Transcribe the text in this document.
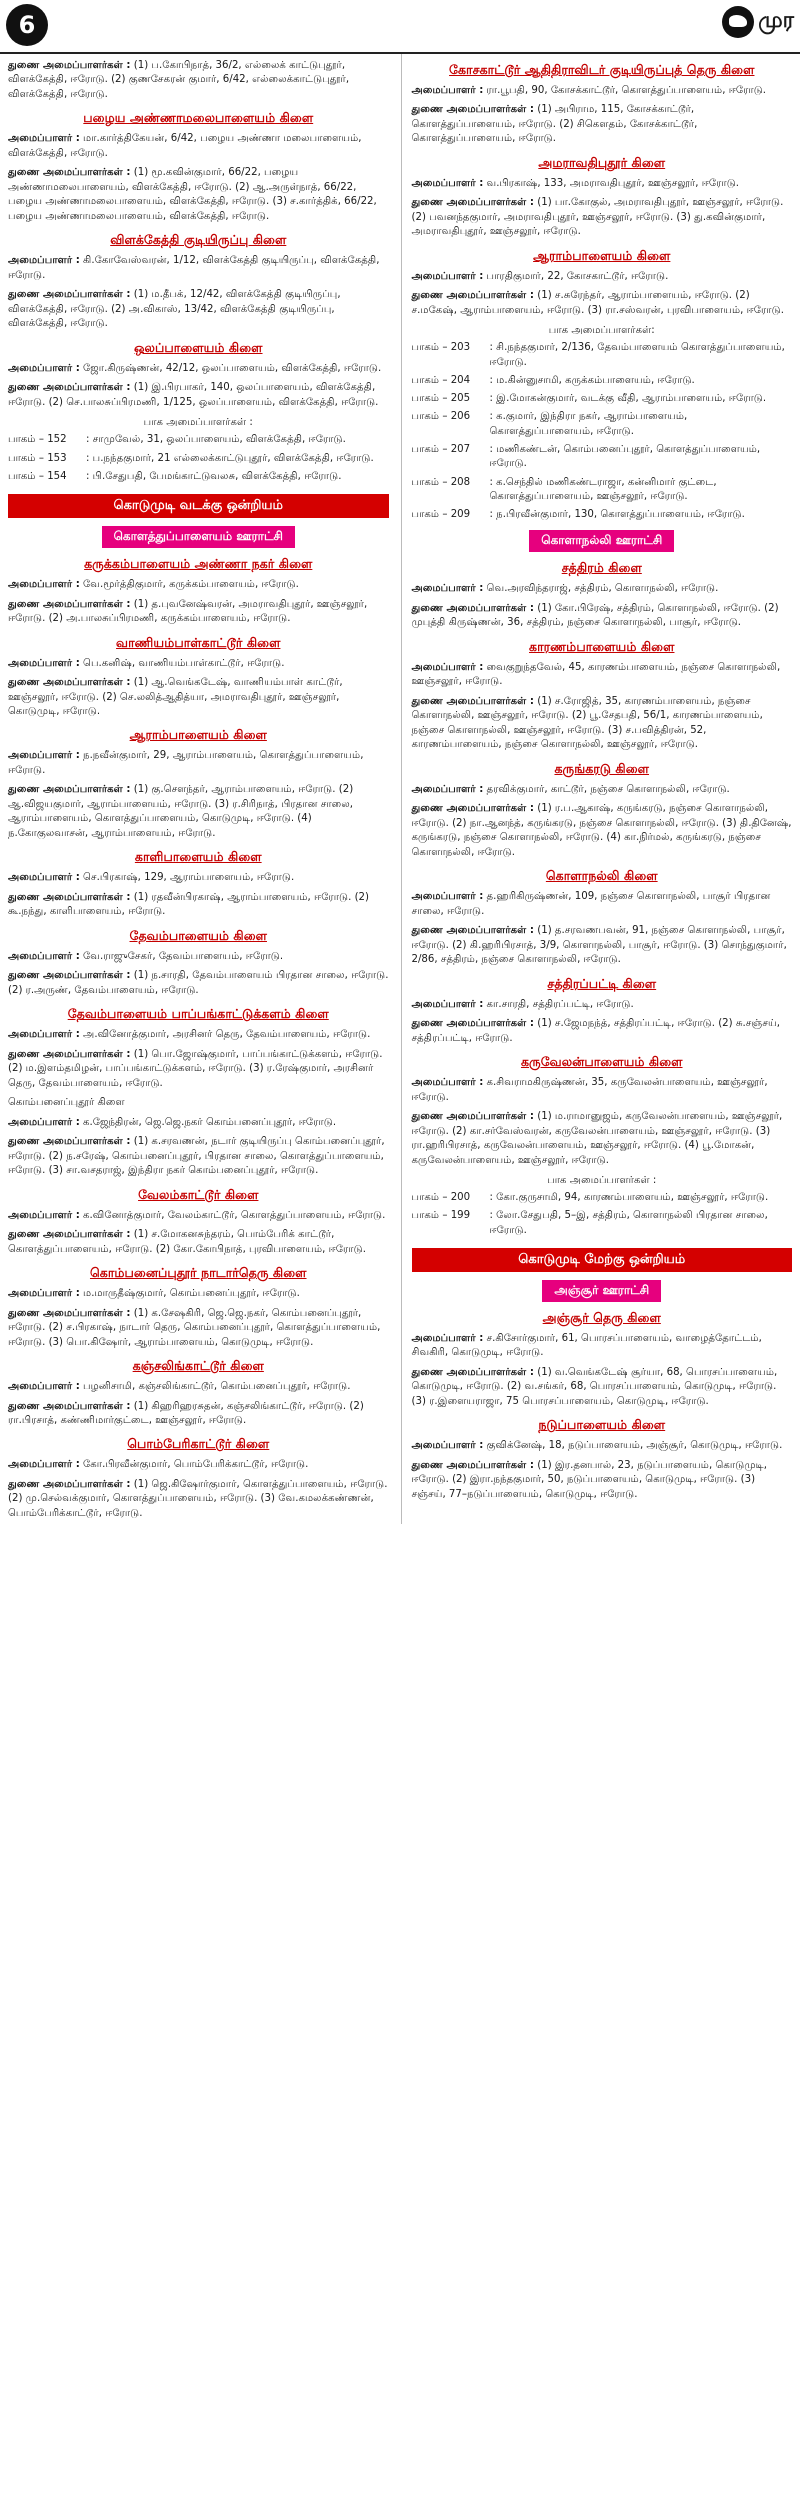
6	முர
துணை அமைப்பாளர்கள் : (1) ப.கோபிநாத், 36/2, எல்லைக் காட்டுபுதூர், விளக்கேத்தி, ஈரோடு. (2) குணசேகரன் குமார், 6/42, எல்லைக்காட்டுபுதூர், விளக்கேத்தி, ஈரோடு.
பழைய அண்ணாமலைபாளையம் கிளை
அமைப்பாளர் : மா.கார்த்திகேயன், 6/42, பழைய அண்ணா மலைபாளையம், விளக்கேத்தி, ஈரோடு.
துணை அமைப்பாளர்கள் : (1) மூ.கவின்குமார், 66/22, பழைய அண்ணாமலைபாளையம், விளக்கேத்தி, ஈரோடு. (2) ஆ.அருள்நாத், 66/22, பழைய அண்ணாமலைபாளையம், விளக்கேத்தி, ஈரோடு. (3) ச.கார்த்திக், 66/22, பழைய அண்ணாமலைபாளையம், விளக்கேத்தி, ஈரோடு.
விளக்கேத்தி குடியிருப்பு கிளை
அமைப்பாளர் : கி.கோவேஸ்வரன், 1/12, விளக்கேத்தி குடியிருப்பு, விளக்கேத்தி, ஈரோடு.
துணை அமைப்பாளர்கள் : (1) ம.தீபக், 12/42, விளக்கேத்தி குடியிருப்பு, விளக்கேத்தி, ஈரோடு. (2) அ.விகாஸ், 13/42, விளக்கேத்தி குடியிருப்பு, விளக்கேத்தி, ஈரோடு.
ஒலப்பாளையம் கிளை
அமைப்பாளர் : ஜோ.கிருஷ்ணன், 42/12, ஒலப்பாளையம், விளக்கேத்தி, ஈரோடு.
துணை அமைப்பாளர்கள் : (1) இ.பிரபாகர், 140, ஒலப்பாளையம், விளக்கேத்தி, ஈரோடு. (2) செ.பாலசுப்பிரமணி, 1/125, ஒலப்பாளையம், விளக்கேத்தி, ஈரோடு.
பாக அமைப்பாளர்கள் :
பாகம் – 152	: சாமுவேல், 31, ஒலப்பாளையம், விளக்கேத்தி, ஈரோடு.
பாகம் – 153	: ப.நந்தகுமார், 21 எல்லைக்காட்டுபுதூர், விளக்கேத்தி, ஈரோடு.
பாகம் – 154	: பி.சேதுபதி, பேமங்காட்டுவலசு, விளக்கேத்தி, ஈரோடு.
கொடுமுடி வடக்கு ஒன்றியம்
கொளத்துப்பாளையம் ஊராட்சி
கருக்கம்பாளையம் அண்ணா நகர் கிளை
அமைப்பாளர் : வே.மூர்த்திகுமார், கருக்கம்பாளையம், ஈரோடு.
துணை அமைப்பாளர்கள் : (1) த.புவனேஷ்வரன், அமராவதிபுதூர், ஊஞ்சலூர், ஈரோடு. (2) அ.பாலசுப்பிரமணி, கருக்கம்பாளையம், ஈரோடு.
வாணியம்பாள்காட்டூர் கிளை
அமைப்பாளர் : பெ.கனிஷ், வாணியம்பாள்காட்டூர், ஈரோடு.
துணை அமைப்பாளர்கள் : (1) ஆ.வெங்கடேஷ், வாணியம்பாள் காட்டூர், ஊஞ்சலூர், ஈரோடு. (2) செ.லலித்ஆதித்யா, அமராவதிபுதூர், ஊஞ்சலூர், கொடுமுடி, ஈரோடு.
ஆராம்பாளையம் கிளை
அமைப்பாளர் : ந.நவீன்குமார், 29, ஆராம்பாளையம், கொளத்துப்பாளையம், ஈரோடு.
துணை அமைப்பாளர்கள் : (1) கு.சௌந்தர், ஆராம்பாளையம், ஈரோடு. (2) ஆ.விஜயகுமார், ஆராம்பாளையம், ஈரோடு. (3) ர.சிரிநாத், பிரதான சாலை, ஆராம்பாளையம், கொளத்துப்பாளையம், கொடுமுடி, ஈரோடு. (4) ந.கோகுலவாசன், ஆராம்பாளையம், ஈரோடு.
காளிபாளையம் கிளை
அமைப்பாளர் : செ.பிரகாஷ், 129, ஆராம்பாளையம், ஈரோடு.
துணை அமைப்பாளர்கள் : (1) ரதவீன்பிரகாஷ், ஆராம்பாளையம், ஈரோடு. (2) கூ.நந்து, காளிபாளையம், ஈரோடு.
தேவம்பாளையம் கிளை
அமைப்பாளர் : வே.ராஜுசேகர், தேவம்பாளையம், ஈரோடு.
துணை அமைப்பாளர்கள் : (1) ந.சாரதி, தேவம்பாளையம் பிரதான சாலை, ஈரோடு. (2) ர.அருண், தேவம்பாளையம், ஈரோடு.
தேவம்பாளையம் பாப்பங்காட்டுக்களம் கிளை
அமைப்பாளர் : அ.வினோத்குமார், அரசினர் தெரு, தேவம்பாளையம், ஈரோடு.
துணை அமைப்பாளர்கள் : (1) பொ.ஜோஷ்குமார், பாப்பங்காட்டுக்களம், ஈரோடு. (2) ம.இளம்தமிழன், பாப்பங்காட்டுக்களம், ஈரோடு. (3) ர.ரேஷ்குமார், அரசினர் தெரு, தேவம்பாளையம், ஈரோடு.
கொம்பனைப்புதூர் கிளை
அமைப்பாளர் : க.ஜேந்திரன், ஜெ.ஜெ.நகர் கொம்பனைப்புதூர், ஈரோடு.
துணை அமைப்பாளர்கள் : (1) க.சரவணன், நடார் குடியிருப்பு கொம்பனைப்புதூர், ஈரோடு. (2) ந.சரேஷ், கொம்பனைப்புதூர், பிரதான சாலை, கொளத்துப்பாளையம், ஈரோடு. (3) சா.வசதராஜ், இந்திரா நகர் கொம்பனைப்புதூர், ஈரோடு.
வேலம்காட்டூர் கிளை
அமைப்பாளர் : க.வினோத்குமார், வேலம்காட்டூர், கொளத்துப்பாளையம், ஈரோடு.
துணை அமைப்பாளர்கள் : (1) ச.மோகனசுந்தரம், பொம்பேரிக் காட்டூர், கொளத்துப்பாளையம், ஈரோடு. (2) கோ.கோபிநாத், புரவிபாளையம், ஈரோடு.
கொம்பனைப்புதூர் நாடார்தெரு கிளை
அமைப்பாளர் : ம.மாருதீஷ்குமார், கொம்பனைப்புதூர், ஈரோடு.
துணை அமைப்பாளர்கள் : (1) க.சேஷகிரி, ஜெ.ஜெ.நகர், கொம்பனைப்புதூர், ஈரோடு. (2) ச.பிரகாஷ், நாடார் தெரு, கொம்பனைப்புதூர், கொளத்துப்பாளையம், ஈரோடு. (3) பொ.கிஷோர், ஆராம்பாளையம், கொடுமுடி, ஈரோடு.
கஞ்சலிங்காட்டூர் கிளை
அமைப்பாளர் : பழனிசாமி, கஞ்சலிங்காட்டூர், கொம்பனைப்புதூர், ஈரோடு.
துணை அமைப்பாளர்கள் : (1) கிஹரிஹரசுதன், கஞ்சலிங்காட்டூர், ஈரோடு. (2) ரா.பிரசாத், கண்ணிமார்குட்டை, ஊஞ்சலூர், ஈரோடு.
பொம்பேரிகாட்டூர் கிளை
அமைப்பாளர் : கோ.பிரவீன்குமார், பொம்பேரிக்காட்டூர், ஈரோடு.
துணை அமைப்பாளர்கள் : (1) ஜெ.கிஷோர்குமார், கொளத்துப்பாளையம், ஈரோடு. (2) மு.செல்வக்குமார், கொளத்துப்பாளையம், ஈரோடு. (3) வே.கமலக்கண்ணன், பொம்பேரிக்காட்டூர், ஈரோடு.
கோசகாட்டூர் ஆதிதிராவிடர் குடியிருப்புத் தெரு கிளை
அமைப்பாளர் : ரா.பூபதி, 90, கோசக்காட்டூர், கொளத்துப்பாளையம், ஈரோடு.
துணை அமைப்பாளர்கள் : (1) அபிராம, 115, கோசக்காட்டூர், கொளத்துப்பாளையம், ஈரோடு. (2) சிகௌதம், கோசக்காட்டூர், கொளத்துப்பாளையம், ஈரோடு.
அமராவதிபுதூர் கிளை
அமைப்பாளர் : வ.பிரகாஷ், 133, அமராவதிபுதூர், ஊஞ்சலூர், ஈரோடு.
துணை அமைப்பாளர்கள் : (1) பா.கோகுல், அமராவதிபுதூர், ஊஞ்சலூர், ஈரோடு. (2) பவனந்தகுமார், அமராவதிபுதூர், ஊஞ்சலூர், ஈரோடு. (3) து.கவின்குமார், அமராவதிபுதூர், ஊஞ்சலூர், ஈரோடு.
ஆராம்பாளையம் கிளை
அமைப்பாளர் : பாரதிகுமார், 22, கோசகாட்டூர், ஈரோடு.
துணை அமைப்பாளர்கள் : (1) ச.சுரேந்தர், ஆராம்பாளையம், ஈரோடு. (2) ச.மகேஷ், ஆராம்பாளையம், ஈரோடு. (3) ரா.சஸ்வரன், புரவிபாளையம், ஈரோடு.
பாக அமைப்பாளர்கள்:
பாகம் – 203	: சி.நந்தகுமார், 2/136, தேவம்பாளையம் கொளத்துப்பாளையம், ஈரோடு.
பாகம் – 204	: ம.கின்னுசாமி, கருக்கம்பாளையம், ஈரோடு.
பாகம் – 205	: இ.மோகன்குமார், வடக்கு வீதி, ஆராம்பாளையம், ஈரோடு.
பாகம் – 206	: க.குமார், இந்திரா நகர், ஆராம்பாளையம், கொளத்துப்பாளையம், ஈரோடு.
பாகம் – 207	: மணிகண்டன், கொம்பனைப்புதூர், கொளத்துப்பாளையம், ஈரோடு.
பாகம் – 208	: க.செந்தில் மணிகண்டராஜா, கன்னிமார் குட்டை, கொளத்துப்பாளையம், ஊஞ்சலூர், ஈரோடு.
பாகம் – 209	: ந.பிரவீன்குமார், 130, கொளத்துப்பாளையம், ஈரோடு.
கொளாநல்லி ஊராட்சி
சத்திரம் கிளை
அமைப்பாளர் : வெ.அரவிந்தராஜ், சத்திரம், கொளாநல்லி, ஈரோடு.
துணை அமைப்பாளர்கள் : (1) கோ.பிரேஷ், சத்திரம், கொளாநல்லி, ஈரோடு. (2) முபுத்தி கிருஷ்ணன், 36, சத்திரம், நஞ்சை கொளாநல்லி, பாசூர், ஈரோடு.
காரணம்பாளையம் கிளை
அமைப்பாளர் : வைகுறுந்தவேல், 45, காரணம்பாளையம், நஞ்சை கொளாநல்லி, ஊஞ்சலூர், ஈரோடு.
துணை அமைப்பாளர்கள் : (1) ச.ரோஜித், 35, காரணம்பாளையம், நஞ்சை கொளாநல்லி, ஊஞ்சலூர், ஈரோடு. (2) பூ.சேதபதி, 56/1, காரணம்பாளையம், நஞ்சை கொளாநல்லி, ஊஞ்சலூர், ஈரோடு. (3) ச.பவித்திரன், 52, காரணம்பாளையம், நஞ்சை கொளாநல்லி, ஊஞ்சலூர், ஈரோடு.
கருங்கரடு கிளை
அமைப்பாளர் : தரவிக்குமார், காட்டூர், நஞ்சை கொளாநல்லி, ஈரோடு.
துணை அமைப்பாளர்கள் : (1) ர.ப.ஆகாஷ், கருங்கரடு, நஞ்சை கொளாநல்லி, ஈரோடு. (2) நா.ஆனந்த், கருங்கரடு, நஞ்சை கொளாநல்லி, ஈரோடு. (3) தி.தினேஷ், கருங்கரடு, நஞ்சை கொளாநல்லி, ஈரோடு. (4) கா.நிர்மல், கருங்கரடு, நஞ்சை கொளாநல்லி, ஈரோடு.
கொளாநல்லி கிளை
அமைப்பாளர் : த.ஹரிகிருஷ்ணன், 109, நஞ்சை கொளாநல்லி, பாசூர் பிரதான சாலை, ஈரோடு.
துணை அமைப்பாளர்கள் : (1) த.சரவணபவன், 91, நஞ்சை கொளாநல்லி, பாசூர், ஈரோடு. (2) கி.ஹரிபிரசாத், 3/9, கொளாநல்லி, பாசூர், ஈரோடு. (3) சொந்துகுமார், 2/86, சத்திரம், நஞ்சை கொளாநல்லி, ஈரோடு.
சத்திரப்பட்டி கிளை
அமைப்பாளர் : கா.சாரதி, சத்திரப்பட்டி, ஈரோடு.
துணை அமைப்பாளர்கள் : (1) ச.ஜேமநந்த், சத்திரப்பட்டி, ஈரோடு. (2) சு.சஞ்சய், சத்திரப்பட்டி, ஈரோடு.
கருவேலன்பாளையம் கிளை
அமைப்பாளர் : க.சிவராமகிருஷ்ணன், 35, கருவேலன்பாளையம், ஊஞ்சலூர், ஈரோடு.
துணை அமைப்பாளர்கள் : (1) ம.ராமானுஜம், கருவேலன்பாளையம், ஊஞ்சலூர், ஈரோடு. (2) கா.சர்வேஸ்வரன், கருவேலன்பாளையம், ஊஞ்சலூர், ஈரோடு. (3) ரா.ஹரிபிரசாத், கருவேலன்பாளையம், ஊஞ்சலூர், ஈரோடு. (4) பூ.மோகன், கருவேலன்பாளையம், ஊஞ்சலூர், ஈரோடு.
பாக அமைப்பாளர்கள் :
பாகம் – 200	: கோ.குருசாமி, 94, காரணம்பாளையம், ஊஞ்சலூர், ஈரோடு.
பாகம் – 199	: லோ.சேதுபதி, 5–இ, சத்திரம், கொளாநல்லி பிரதான சாலை, ஈரோடு.
கொடுமுடி மேற்கு ஒன்றியம்
அஞ்சூர் ஊராட்சி
அஞ்சூர் தெரு கிளை
அமைப்பாளர் : ச.கிசோர்குமார், 61, பொரசப்பாளையம், வாழைத்தோட்டம், சிவகிரி, கொடுமுடி, ஈரோடு.
துணை அமைப்பாளர்கள் : (1) வ.வெங்கடேஷ் சூர்யா, 68, பொரசப்பாளையம், கொடுமுடி, ஈரோடு. (2) வ.சங்கர், 68, பொரசப்பாளையம், கொடுமுடி, ஈரோடு. (3) ர.இளையராஜா, 75 பொரசப்பாளையம், கொடுமுடி, ஈரோடு.
நடுப்பாளையம் கிளை
அமைப்பாளர் : குவிக்னேஷ், 18, நடுப்பாளையம், அஞ்சூர், கொடுமுடி, ஈரோடு.
துணை அமைப்பாளர்கள் : (1) இர.தனபால், 23, நடுப்பாளையம், கொடுமுடி, ஈரோடு. (2) இரா.நந்தகுமார், 50, நடுப்பாளையம், கொடுமுடி, ஈரோடு. (3) சஞ்சய், 77–நடுப்பாளையம், கொடுமுடி, ஈரோடு.
